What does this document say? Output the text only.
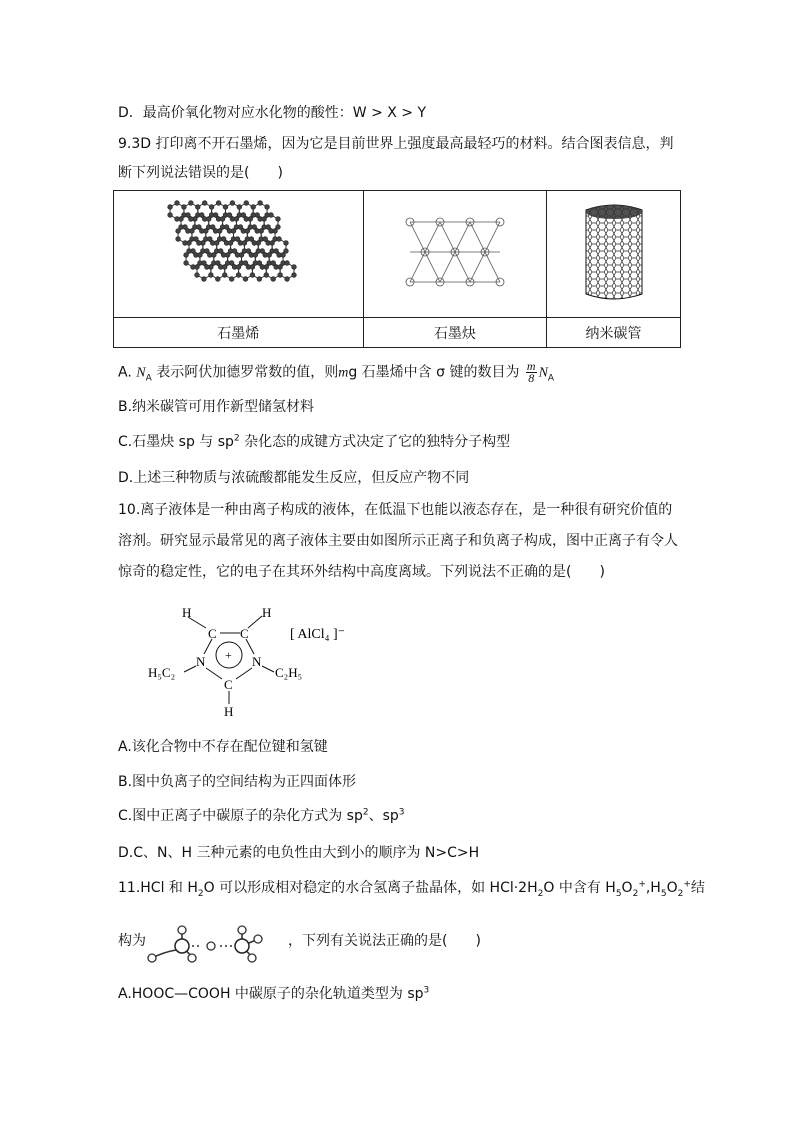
D．最高价氧化物对应水化物的酸性：W > X > Y
9.3D 打印离不开石墨烯，因为它是目前世界上强度最高最轻巧的材料。结合图表信息，判
断下列说法错误的是(　　)

石墨烯	石墨炔	纳米碳管
A. $N_A$ 表示阿伏加德罗常数的值，则mg 石墨烯中含 σ 键的数目为 $\frac{m}{8} N_A$
B.纳米碳管可用作新型储氢材料
C.石墨炔 sp 与 $sp^2$ 杂化态的成键方式决定了它的独特分子构型
D.上述三种物质与浓硫酸都能发生反应，但反应产物不同
10.离子液体是一种由离子构成的液体，在低温下也能以液态存在，是一种很有研究价值的
溶剂。研究显示最常见的离子液体主要由如图所示正离子和负离子构成，图中正离子有令人
惊奇的稳定性，它的电子在其环外结构中高度离域。下列说法不正确的是(　　)
H	H
C C
N	N
+
C
H
H₅C₂	C₂H₅
[ AlCl₄ ]⁻
A.该化合物中不存在配位键和氢键
B.图中负离子的空间结构为正四面体形
C.图中正离子中碳原子的杂化方式为 $sp^2$、$sp^3$
D.C、N、H 三种元素的电负性由大到小的顺序为 N>C>H
11.HCl 和 $H_2O$ 可以形成相对稳定的水合氢离子盐晶体，如 $HCl\cdot 2H_2O$ 中含有 $H_5O_2^+,H_5O_2^+$结
构为	，下列有关说法正确的是(　　)
A.HOOC—COOH 中碳原子的杂化轨道类型为 $sp^3$
